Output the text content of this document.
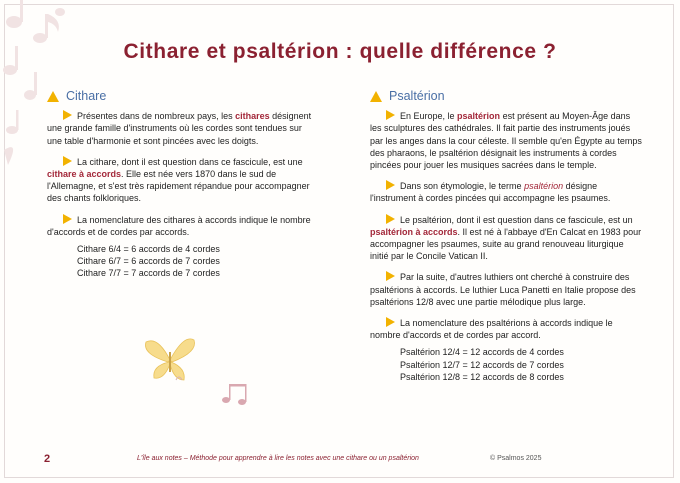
Cithare et psaltérion : quelle différence ?
Cithare

Présentes dans de nombreux pays, les cithares désignent une grande famille d'instruments où les cordes sont tendues sur une table d'harmonie et sont pincées avec les doigts.

La cithare, dont il est question dans ce fascicule, est une cithare à accords. Elle est née vers 1870 dans le sud de l'Allemagne, et s'est très rapidement répandue pour accompagner des chants folkloriques.

La nomenclature des cithares à accords indique le nombre d'accords et de cordes par accords.

Cithare 6/4 = 6 accords de 4 cordes
Cithare 6/7 = 6 accords de 7 cordes
Cithare 7/7 = 7 accords de 7 cordes
Psaltérion

En Europe, le psaltérion est présent au Moyen-Âge dans les sculptures des cathédrales. Il fait partie des instruments joués par les anges dans la cour céleste. Il semble qu'en Égypte au temps des pharaons, le psaltérion désignait les instruments à cordes pincées pour jouer les musiques sacrées dans le temple.

Dans son étymologie, le terme psaltérion désigne l'instrument à cordes pincées qui accompagne les psaumes.

Le psaltérion, dont il est question dans ce fascicule, est un psaltérion à accords. Il est né à l'abbaye d'En Calcat en 1983 pour accompagner les psaumes, suite au grand renouveau liturgique initié par le Concile Vatican II.

Par la suite, d'autres luthiers ont cherché à construire des psaltérions à accords. Le luthier Luca Panetti en Italie propose des psaltérions 12/8 avec une partie mélodique plus large.

La nomenclature des psaltérions à accords indique le nombre d'accords et de cordes par accord.

Psaltérion 12/4 = 12 accords de 4 cordes
Psaltérion 12/7 = 12 accords de 7 cordes
Psaltérion 12/8 = 12 accords de 8 cordes
2	L'île aux notes – Méthode pour apprendre à lire les notes avec une cithare ou un psaltérion	© Psalmos 2025
